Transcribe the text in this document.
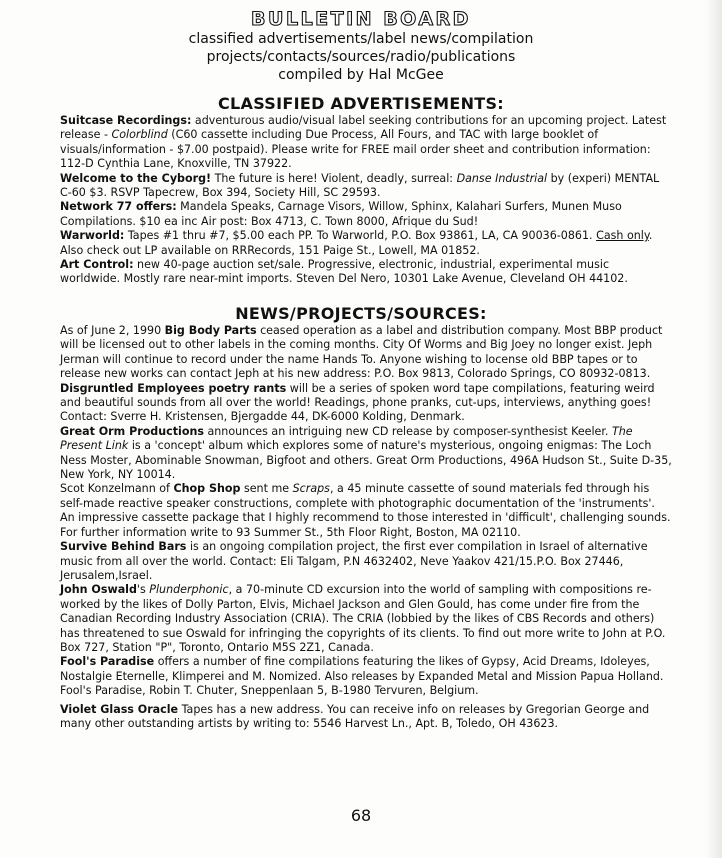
BULLETIN BOARD

classified advertisements/label news/compilation

projects/contacts/sources/radio/publications

compiled by Hal McGee

CLASSIFIED ADVERTISEMENTS:

Suitcase Recordings: adventurous audio/visual label seeking contributions for an upcoming project. Latest release - Colorblind (C60 cassette including Due Process, All Fours, and TAC with large booklet of visuals/information - $7.00 postpaid). Please write for FREE mail order sheet and contribution information: 112-D Cynthia Lane, Knoxville, TN 37922.

Welcome to the Cyborg! The future is here! Violent, deadly, surreal: Danse Industrial by (experi) MENTAL C-60 $3. RSVP Tapecrew, Box 394, Society Hill, SC 29593.

Network 77 offers: Mandela Speaks, Carnage Visors, Willow, Sphinx, Kalahari Surfers, Munen Muso Compilations. $10 ea inc Air post: Box 4713, C. Town 8000, Afrique du Sud!

Warworld: Tapes #1 thru #7, $5.00 each PP. To Warworld, P.O. Box 93861, LA, CA 90036-0861. Cash only. Also check out LP available on RRRecords, 151 Paige St., Lowell, MA 01852.

Art Control: new 40-page auction set/sale. Progressive, electronic, industrial, experimental music worldwide. Mostly rare near-mint imports. Steven Del Nero, 10301 Lake Avenue, Cleveland OH 44102.

NEWS/PROJECTS/SOURCES:

As of June 2, 1990 Big Body Parts ceased operation as a label and distribution company. Most BBP product will be licensed out to other labels in the coming months. City Of Worms and Big Joey no longer exist. Jeph Jerman will continue to record under the name Hands To. Anyone wishing to locense old BBP tapes or to release new works can contact Jeph at his new address: P.O. Box 9813, Colorado Springs, CO 80932-0813.

Disgruntled Employees poetry rants will be a series of spoken word tape compilations, featuring weird and beautiful sounds from all over the world! Readings, phone pranks, cut-ups, interviews, anything goes! Contact: Sverre H. Kristensen, Bjergadde 44, DK-6000 Kolding, Denmark.

Great Orm Productions announces an intriguing new CD release by composer-synthesist Keeler. The Present Link is a 'concept' album which explores some of nature's mysterious, ongoing enigmas: The Loch Ness Moster, Abominable Snowman, Bigfoot and others. Great Orm Productions, 496A Hudson St., Suite D-35, New York, NY 10014.

Scot Konzelmann of Chop Shop sent me Scraps, a 45 minute cassette of sound materials fed through his self-made reactive speaker constructions, complete with photographic documentation of the 'instruments'. An impressive cassette package that I highly recommend to those interested in 'difficult', challenging sounds. For further information write to 93 Summer St., 5th Floor Right, Boston, MA 02110.

Survive Behind Bars is an ongoing compilation project, the first ever compilation in Israel of alternative music from all over the world. Contact: Eli Talgam, P.N 4632402, Neve Yaakov 421/15.P.O. Box 27446, Jerusalem,Israel.

John Oswald's Plunderphonic, a 70-minute CD excursion into the world of sampling with compositions re-worked by the likes of Dolly Parton, Elvis, Michael Jackson and Glen Gould, has come under fire from the Canadian Recording Industry Association (CRIA). The CRIA (lobbied by the likes of CBS Records and others) has threatened to sue Oswald for infringing the copyrights of its clients. To find out more write to John at P.O. Box 727, Station "P", Toronto, Ontario M5S 2Z1, Canada.

Fool's Paradise offers a number of fine compilations featuring the likes of Gypsy, Acid Dreams, Idoleyes, Nostalgie Eternelle, Klimperei and M. Nomized. Also releases by Expanded Metal and Mission Papua Holland. Fool's Paradise, Robin T. Chuter, Sneppenlaan 5, B-1980 Tervuren, Belgium.

Violet Glass Oracle Tapes has a new address. You can receive info on releases by Gregorian George and many other outstanding artists by writing to: 5546 Harvest Ln., Apt. B, Toledo, OH 43623.

68
